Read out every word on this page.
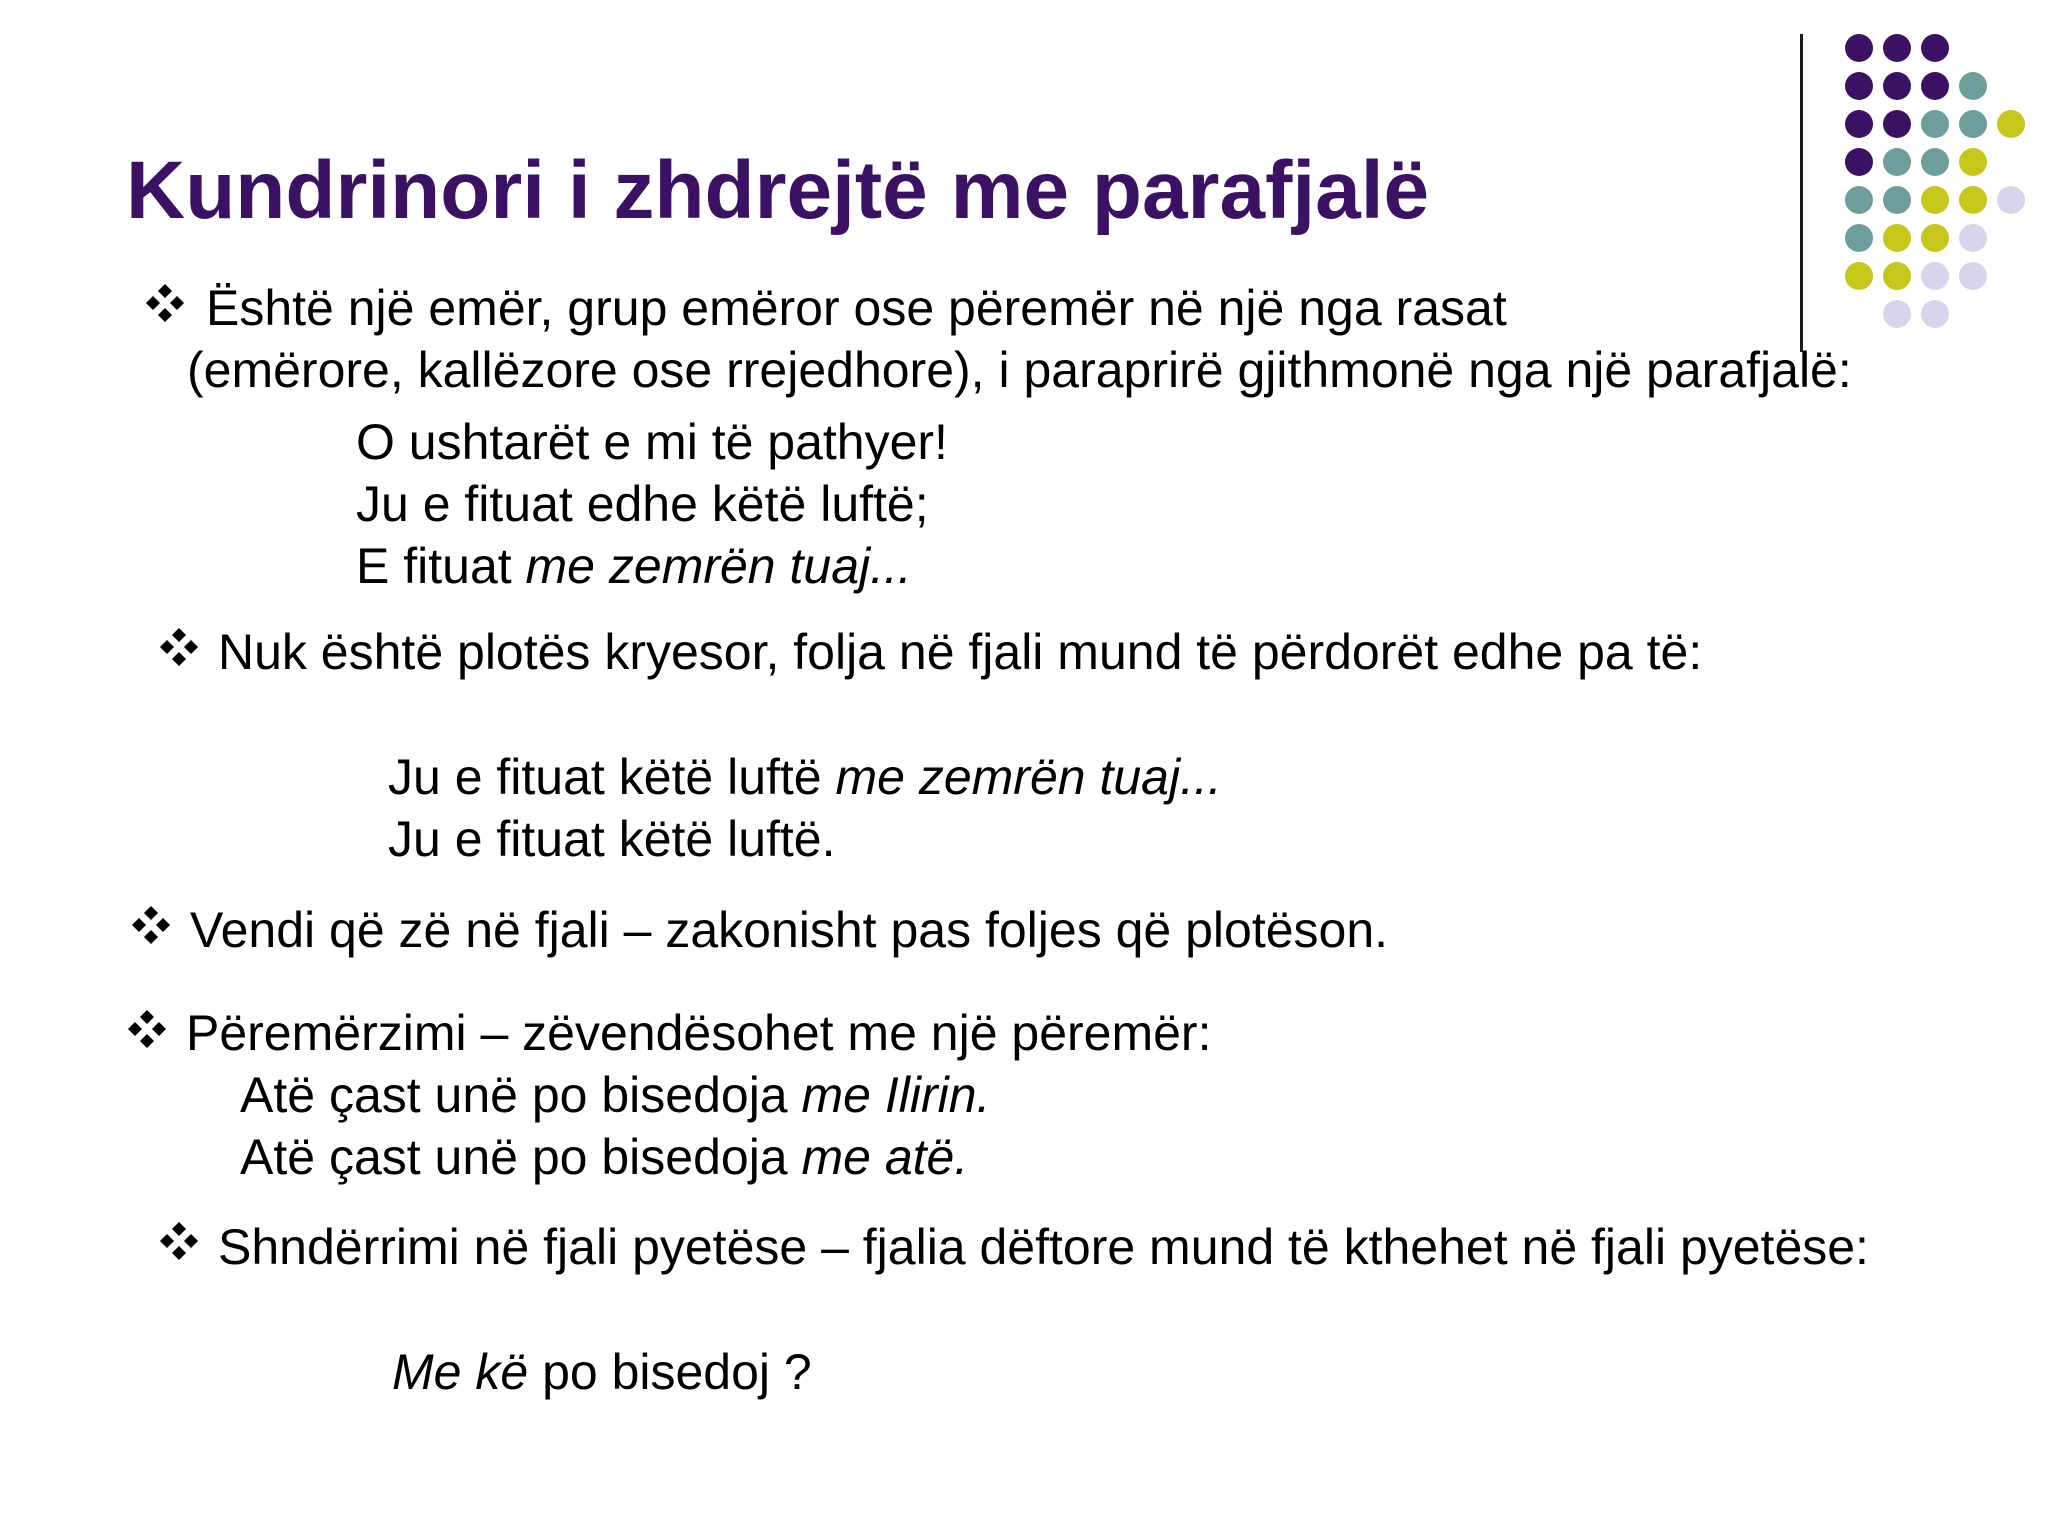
Kundrinori i zhdrejtë me parafjalë

Është një emër, grup emëror ose përemër në një nga rasat

(emërore, kallëzore ose rrejedhore), i paraprirë gjithmonë nga një parafjalë:

O ushtarët e mi të pathyer!

Ju e fituat edhe këtë luftë;

E fituat me zemrën tuaj...

Nuk është plotës kryesor, folja në fjali mund të përdorët edhe pa të:

Ju e fituat këtë luftë me zemrën tuaj...

Ju e fituat këtë luftë.

Vendi që zë në fjali – zakonisht pas foljes që plotëson.

Përemërzimi – zëvendësohet me një përemër:

Atë çast unë po bisedoja me Ilirin.

Atë çast unë po bisedoja me atë.

Shndërrimi në fjali pyetëse – fjalia dëftore mund të kthehet në fjali pyetëse:

Me kë po bisedoj ?
